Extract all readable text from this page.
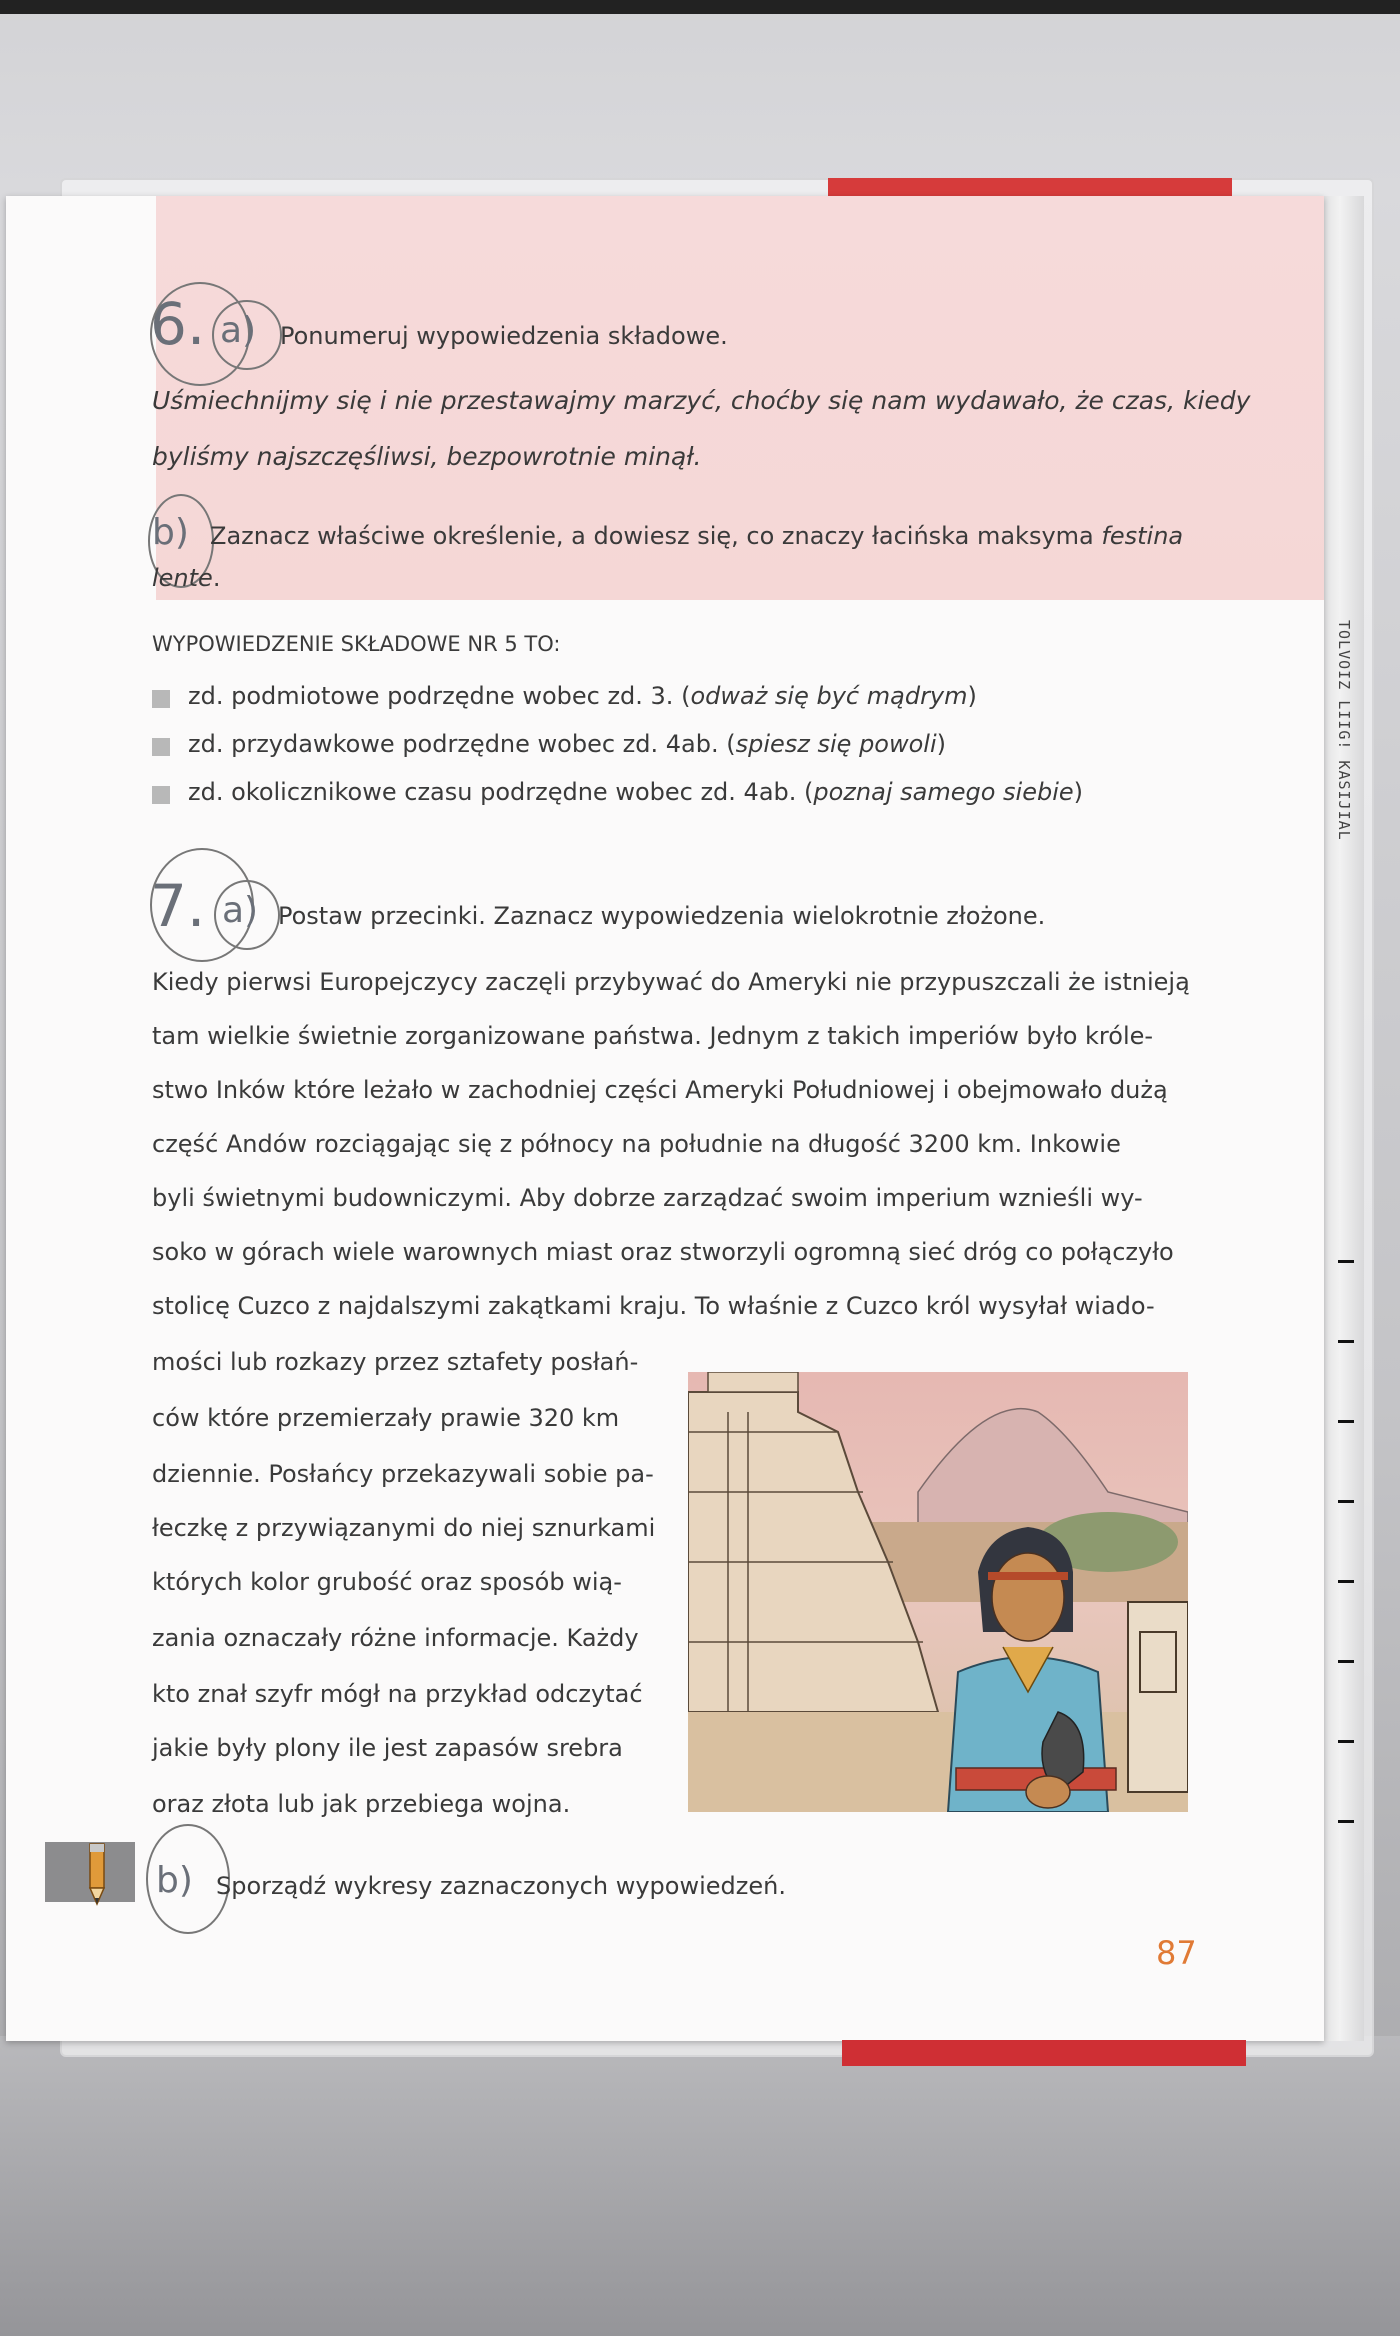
TOLVOIZ LIIG! KASIJIAL
6. a) Ponumeruj wypowiedzenia składowe.
Uśmiechnijmy się i nie przestawajmy marzyć, choćby się nam wydawało, że czas, kiedy
byliśmy najszczęśliwsi, bezpowrotnie minął.
b) Zaznacz właściwe określenie, a dowiesz się, co znaczy łacińska maksyma festina
lente.
WYPOWIEDZENIE SKŁADOWE NR 5 TO:
zd. podmiotowe podrzędne wobec zd. 3. (odważ się być mądrym)
zd. przydawkowe podrzędne wobec zd. 4ab. (spiesz się powoli)
zd. okolicznikowe czasu podrzędne wobec zd. 4ab. (poznaj samego siebie)
7. a) Postaw przecinki. Zaznacz wypowiedzenia wielokrotnie złożone.
Kiedy pierwsi Europejczycy zaczęli przybywać do Ameryki nie przypuszczali że istnieją
tam wielkie świetnie zorganizowane państwa. Jednym z takich imperiów było króle-
stwo Inków które leżało w zachodniej części Ameryki Południowej i obejmowało dużą
część Andów rozciągając się z północy na południe na długość 3200 km. Inkowie
byli świetnymi budowniczymi. Aby dobrze zarządzać swoim imperium wznieśli wy-
soko w górach wiele warownych miast oraz stworzyli ogromną sieć dróg co połączyło
stolicę Cuzco z najdalszymi zakątkami kraju. To właśnie z Cuzco król wysyłał wiado-
mości lub rozkazy przez sztafety posłań-
ców które przemierzały prawie 320 km
dziennie. Posłańcy przekazywali sobie pa-
łeczkę z przywiązanymi do niej sznurkami
których kolor grubość oraz sposób wią-
zania oznaczały różne informacje. Każdy
kto znał szyfr mógł na przykład odczytać
jakie były plony ile jest zapasów srebra
oraz złota lub jak przebiega wojna.
b) Sporządź wykresy zaznaczonych wypowiedzeń.
87
